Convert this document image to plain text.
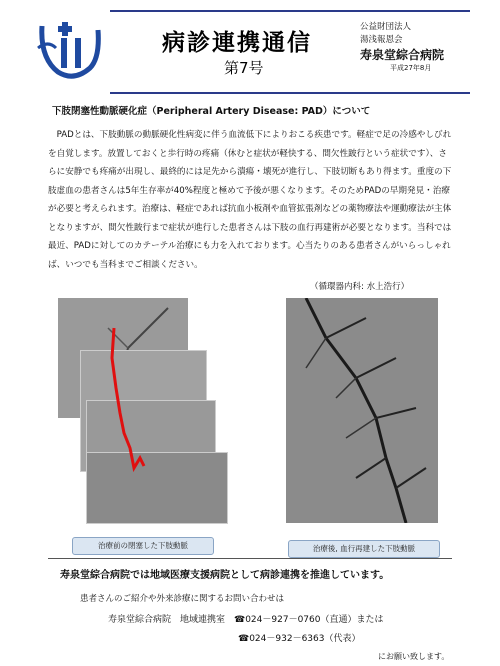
病診連携通信
第7号
公益財団法人
湯浅報恩会
寿泉堂綜合病院
平成27年8月
下肢閉塞性動脈硬化症（Peripheral Artery Disease: PAD）について

PADとは、下肢動脈の動脈硬化性病変に伴う血流低下によりおこる疾患です。軽症で足の冷感やしびれを自覚します。放置しておくと歩行時の疼痛（休むと症状が軽快する、間欠性跛行という症状です）、さらに安静でも疼痛が出現し、最終的には足先から潰瘍・壊死が進行し、下肢切断もあり得ます。重度の下肢虚血の患者さんは5年生存率が40%程度と極めて予後が悪くなります。そのためPADの早期発見・治療が必要と考えられます。治療は、軽症であれば抗血小板剤や血管拡張剤などの薬物療法や運動療法が主体となりますが、間欠性跛行まで症状が進行した患者さんは下肢の血行再建術が必要となります。当科では最近、PADに対してのカテーテル治療にも力を入れております。心当たりのある患者さんがいらっしゃれば、いつでも当科までご相談ください。

（循環器内科: 水上浩行）
治療前の閉塞した下肢動脈	治療後, 血行再建した下肢動脈
寿泉堂綜合病院では地域医療支援病院として病診連携を推進しています。
患者さんのご紹介や外来診療に関するお問い合わせは
寿泉堂綜合病院　地域連携室　☎024－927－0760（直通）または
☎024－932－6363（代表）
にお願い致します。
